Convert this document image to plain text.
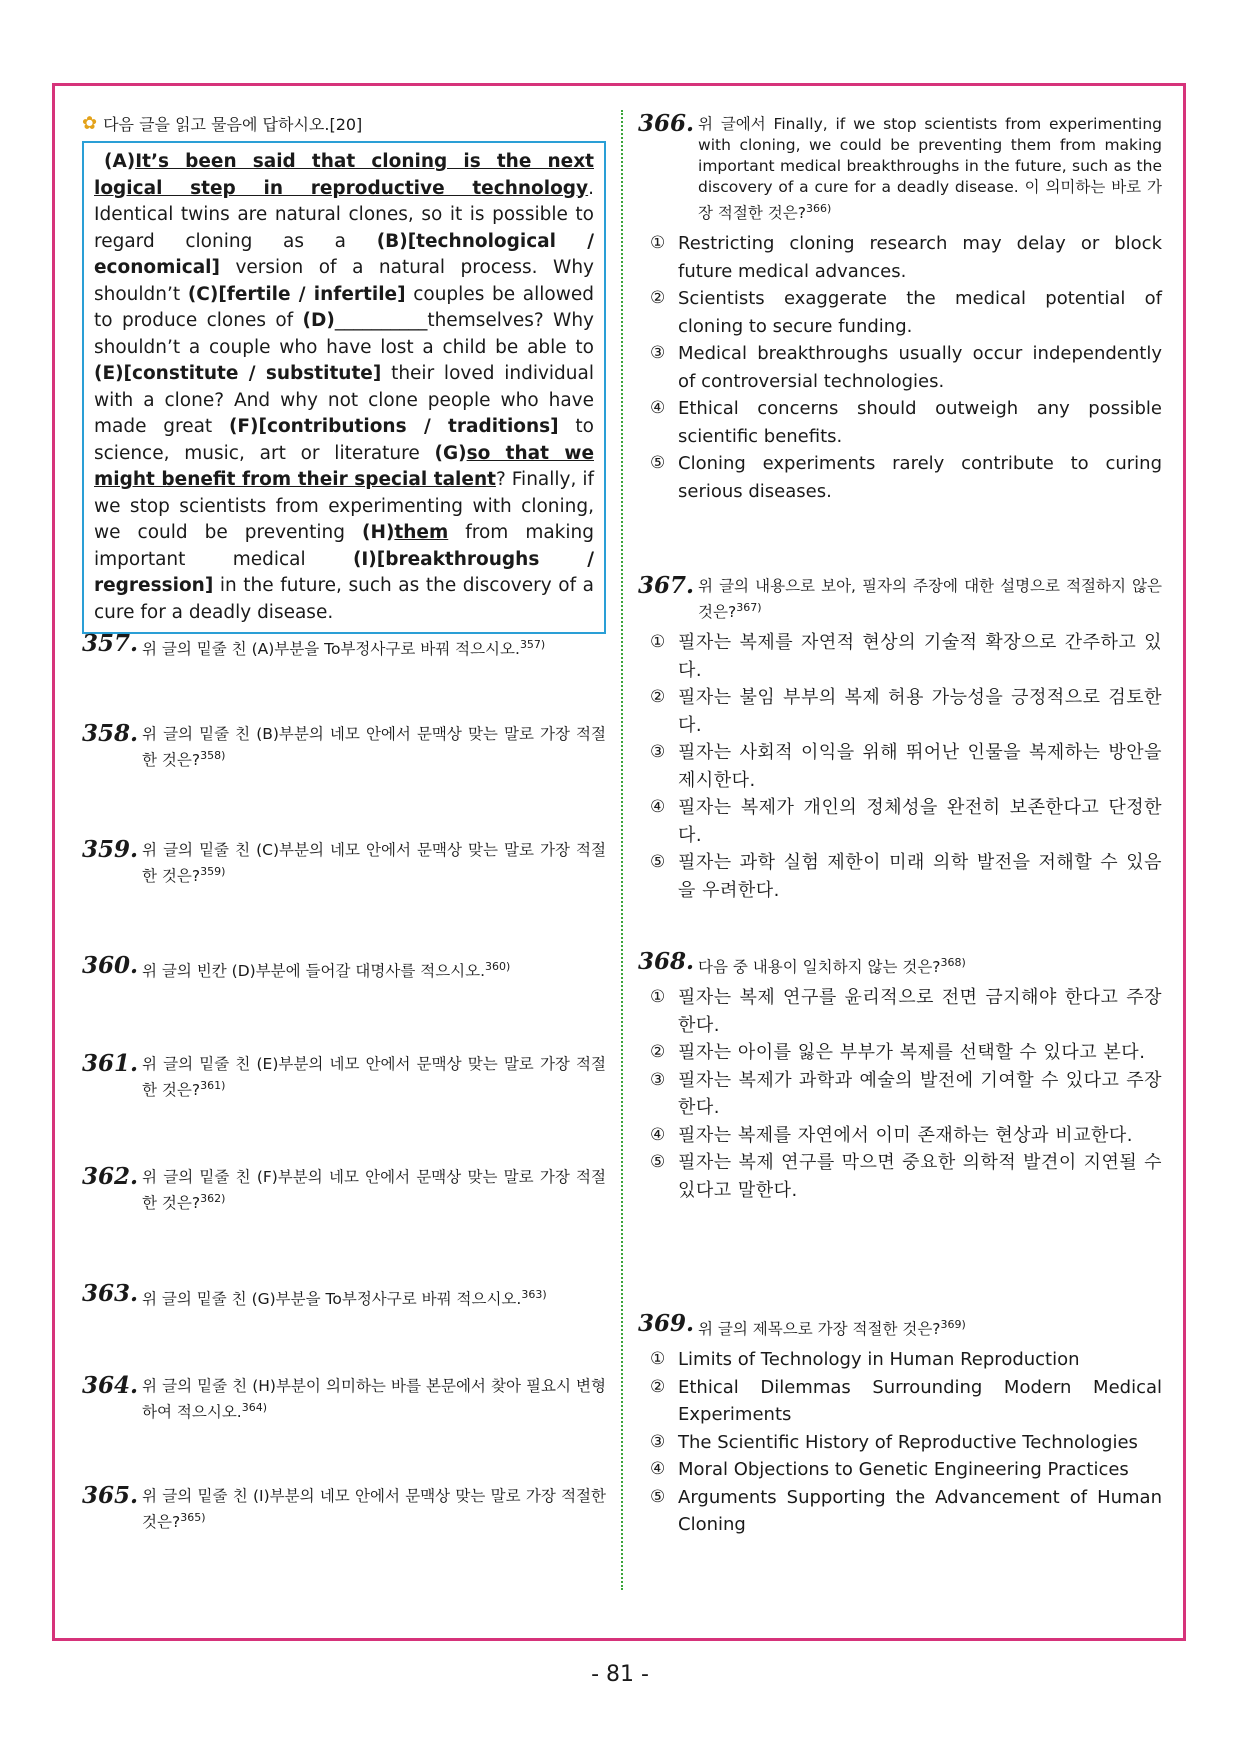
✿ 다음 글을 읽고 물음에 답하시오.[20]
(A)It’s been said that cloning is the next logical step in reproductive technology. Identical twins are natural clones, so it is possible to regard cloning as a (B)[technological / economical] version of a natural process. Why shouldn’t (C)[fertile / infertile] couples be allowed to produce clones of (D)__________themselves? Why shouldn’t a couple who have lost a child be able to (E)[constitute / substitute] their loved individual with a clone? And why not clone people who have made great (F)[contributions / traditions] to science, music, art or literature (G)so that we might benefit from their special talent? Finally, if we stop scientists from experimenting with cloning, we could be preventing (H)them from making important medical (I)[breakthroughs / regression] in the future, such as the discovery of a cure for a deadly disease.
357. 위 글의 밑줄 친 (A)부분을 To부정사구로 바꿔 적으시오.$^{357)}$
358. 위 글의 밑줄 친 (B)부분의 네모 안에서 문맥상 맞는 말로 가장 적절한 것은?$^{358)}$
359. 위 글의 밑줄 친 (C)부분의 네모 안에서 문맥상 맞는 말로 가장 적절한 것은?$^{359)}$
360. 위 글의 빈칸 (D)부분에 들어갈 대명사를 적으시오.$^{360)}$
361. 위 글의 밑줄 친 (E)부분의 네모 안에서 문맥상 맞는 말로 가장 적절한 것은?$^{361)}$
362. 위 글의 밑줄 친 (F)부분의 네모 안에서 문맥상 맞는 말로 가장 적절한 것은?$^{362)}$
363. 위 글의 밑줄 친 (G)부분을 To부정사구로 바꿔 적으시오.$^{363)}$
364. 위 글의 밑줄 친 (H)부분이 의미하는 바를 본문에서 찾아 필요시 변형하여 적으시오.$^{364)}$
365. 위 글의 밑줄 친 (I)부분의 네모 안에서 문맥상 맞는 말로 가장 적절한 것은?$^{365)}$
366. 위 글에서 Finally, if we stop scientists from experimenting with cloning, we could be preventing them from making important medical breakthroughs in the future, such as the discovery of a cure for a deadly disease. 이 의미하는 바로 가장 적절한 것은?$^{366)}$
① Restricting cloning research may delay or block future medical advances.
② Scientists exaggerate the medical potential of cloning to secure funding.
③ Medical breakthroughs usually occur independently of controversial technologies.
④ Ethical concerns should outweigh any possible scientific benefits.
⑤ Cloning experiments rarely contribute to curing serious diseases.
367. 위 글의 내용으로 보아, 필자의 주장에 대한 설명으로 적절하지 않은 것은?$^{367)}$
① 필자는 복제를 자연적 현상의 기술적 확장으로 간주하고 있다.
② 필자는 불임 부부의 복제 허용 가능성을 긍정적으로 검토한다.
③ 필자는 사회적 이익을 위해 뛰어난 인물을 복제하는 방안을 제시한다.
④ 필자는 복제가 개인의 정체성을 완전히 보존한다고 단정한다.
⑤ 필자는 과학 실험 제한이 미래 의학 발전을 저해할 수 있음을 우려한다.
368. 다음 중 내용이 일치하지 않는 것은?$^{368)}$
① 필자는 복제 연구를 윤리적으로 전면 금지해야 한다고 주장한다.
② 필자는 아이를 잃은 부부가 복제를 선택할 수 있다고 본다.
③ 필자는 복제가 과학과 예술의 발전에 기여할 수 있다고 주장한다.
④ 필자는 복제를 자연에서 이미 존재하는 현상과 비교한다.
⑤ 필자는 복제 연구를 막으면 중요한 의학적 발견이 지연될 수 있다고 말한다.
369. 위 글의 제목으로 가장 적절한 것은?$^{369)}$
① Limits of Technology in Human Reproduction
② Ethical Dilemmas Surrounding Modern Medical Experiments
③ The Scientific History of Reproductive Technologies
④ Moral Objections to Genetic Engineering Practices
⑤ Arguments Supporting the Advancement of Human Cloning
- 81 -
